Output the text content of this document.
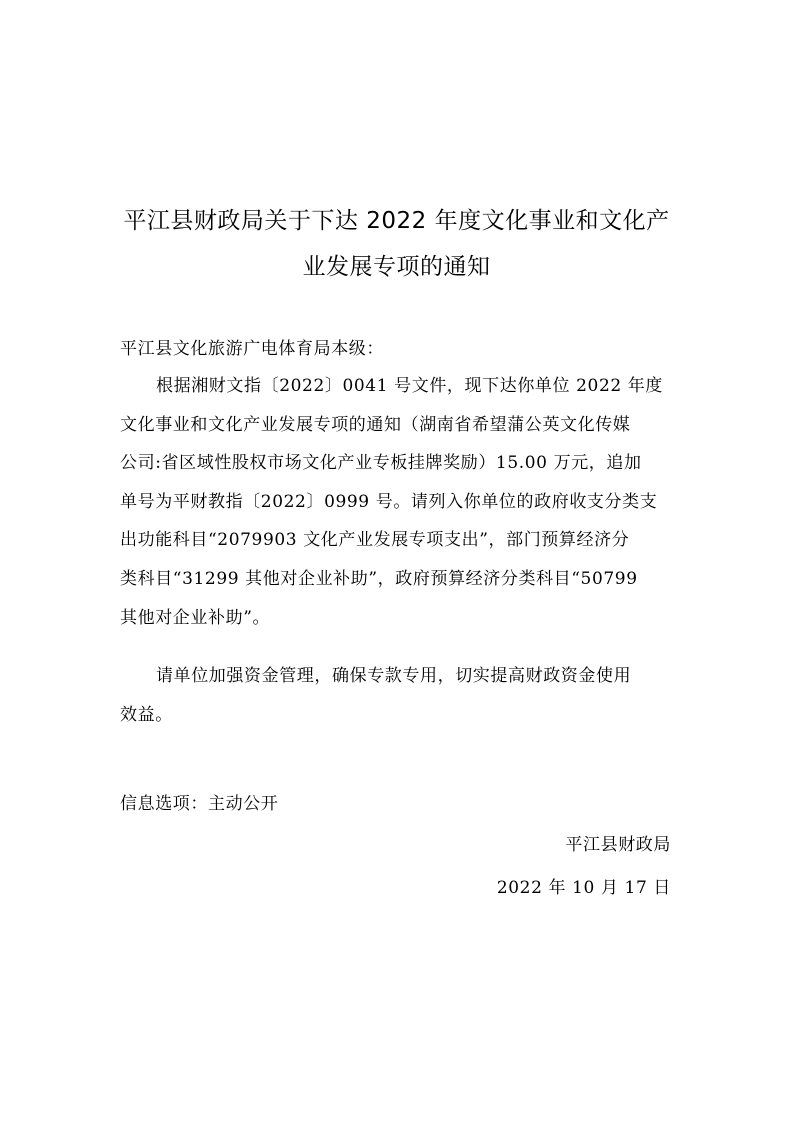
平江县财政局关于下达 2022 年度文化事业和文化产
业发展专项的通知

平江县文化旅游广电体育局本级：

根据湘财文指〔2022〕0041 号文件，现下达你单位 2022 年度
文化事业和文化产业发展专项的通知（湖南省希望蒲公英文化传媒
公司:省区域性股权市场文化产业专板挂牌奖励）15.00 万元，追加
单号为平财教指〔2022〕0999 号。请列入你单位的政府收支分类支
出功能科目“2079903 文化产业发展专项支出”，部门预算经济分
类科目“31299 其他对企业补助”，政府预算经济分类科目“50799
其他对企业补助”。
请单位加强资金管理，确保专款专用，切实提高财政资金使用
效益。

信息选项：主动公开

平江县财政局

2022 年 10 月 17 日
